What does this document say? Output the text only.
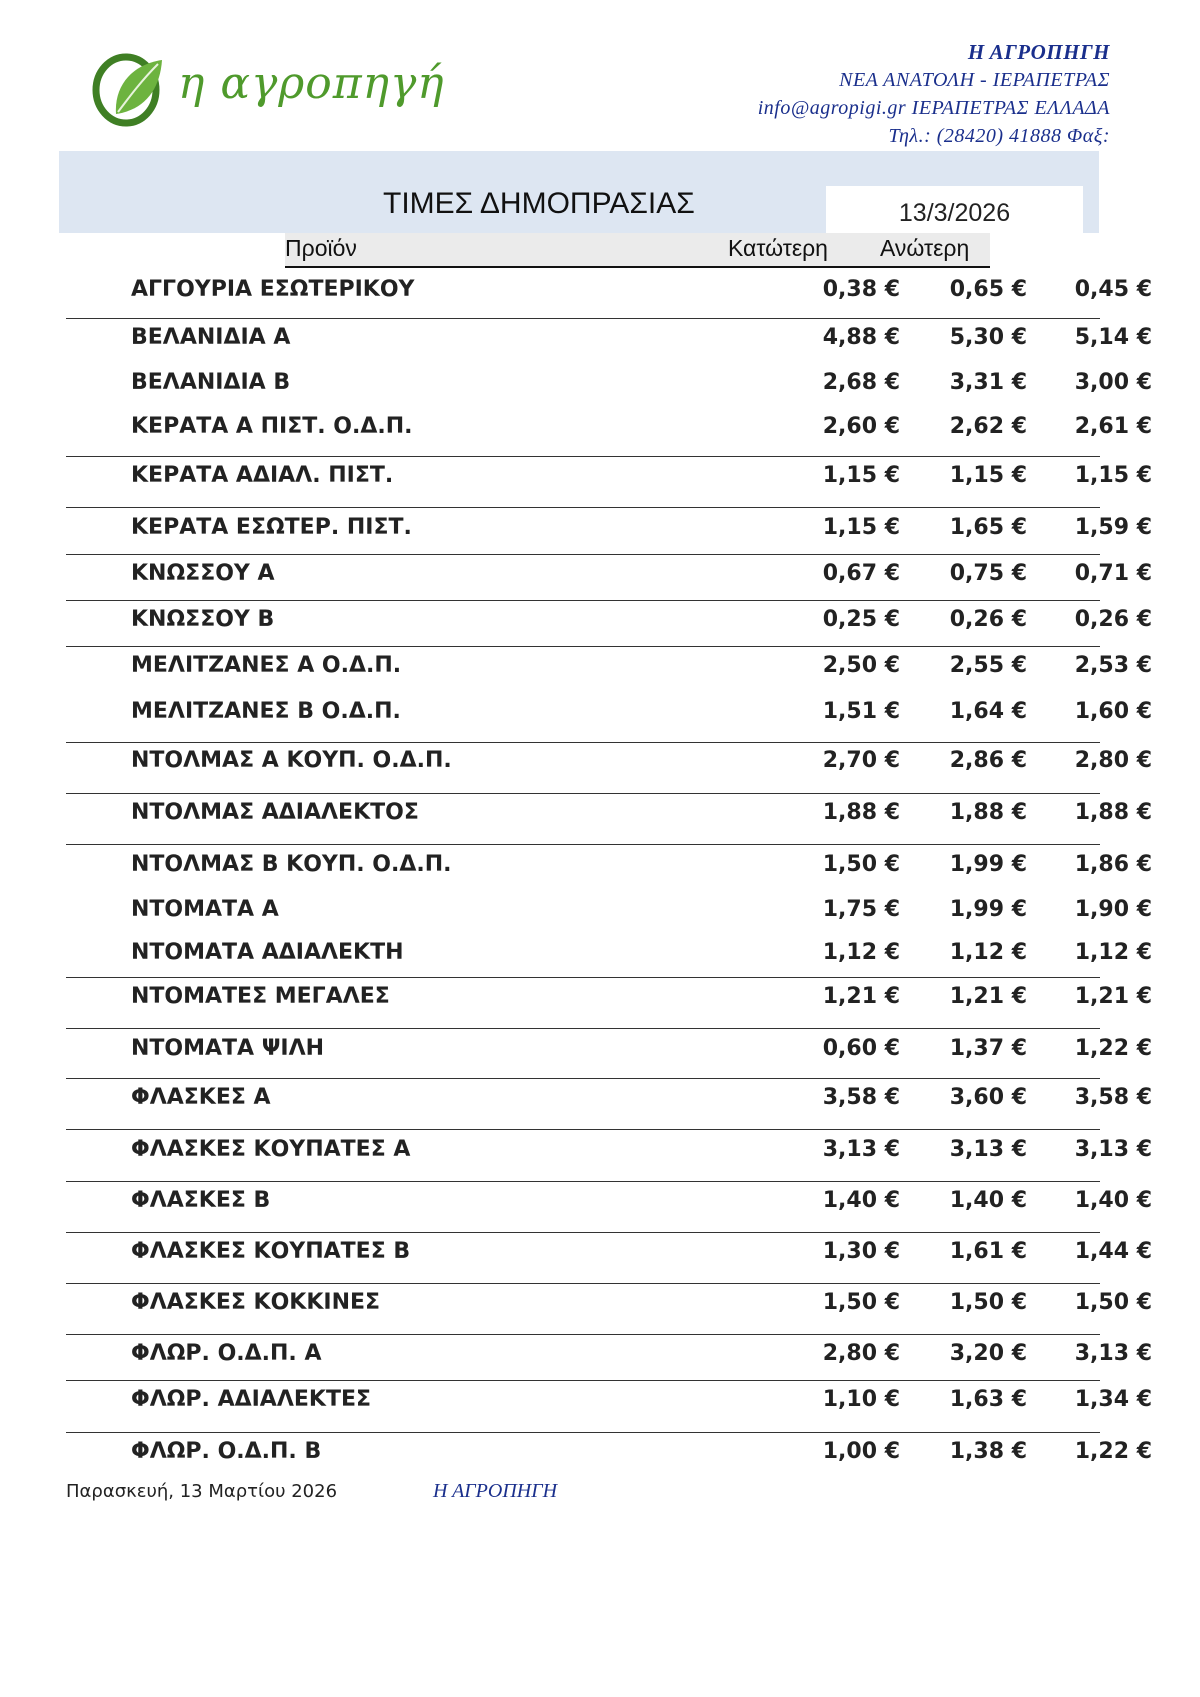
η αγροπηγή
Η ΑΓΡΟΠΗΓΗ
ΝΕΑ ΑΝΑΤΟΛΗ - ΙΕΡΑΠΕΤΡΑΣ
info@agropigi.gr ΙΕΡΑΠΕΤΡΑΣ ΕΛΛΑΔΑ
Τηλ.: (28420) 41888 Φαξ:
ΤΙΜΕΣ ΔΗΜΟΠΡΑΣΙΑΣ	13/3/2026
Προϊόν	Κατώτερη Ανώτερη
ΑΓΓΟΥΡΙΑ ΕΣΩΤΕΡΙΚΟΥ	0,38 € 0,65 € 0,45 €
ΒΕΛΑΝΙΔΙΑ Α	4,88 € 5,30 € 5,14 €
ΒΕΛΑΝΙΔΙΑ Β	2,68 € 3,31 € 3,00 €
ΚΕΡΑΤΑ Α ΠΙΣΤ. Ο.Δ.Π.	2,60 € 2,62 € 2,61 €
ΚΕΡΑΤΑ ΑΔΙΑΛ. ΠΙΣΤ.	1,15 € 1,15 € 1,15 €
ΚΕΡΑΤΑ ΕΣΩΤΕΡ. ΠΙΣΤ.	1,15 € 1,65 € 1,59 €
ΚΝΩΣΣΟΥ Α	0,67 € 0,75 € 0,71 €
ΚΝΩΣΣΟΥ Β	0,25 € 0,26 € 0,26 €
ΜΕΛΙΤΖΑΝΕΣ Α Ο.Δ.Π.	2,50 € 2,55 € 2,53 €
ΜΕΛΙΤΖΑΝΕΣ Β Ο.Δ.Π.	1,51 € 1,64 € 1,60 €
ΝΤΟΛΜΑΣ Α ΚΟΥΠ. Ο.Δ.Π.	2,70 € 2,86 € 2,80 €
ΝΤΟΛΜΑΣ ΑΔΙΑΛΕΚΤΟΣ	1,88 € 1,88 € 1,88 €
ΝΤΟΛΜΑΣ Β ΚΟΥΠ. Ο.Δ.Π.	1,50 € 1,99 € 1,86 €
ΝΤΟΜΑΤΑ Α	1,75 € 1,99 € 1,90 €
ΝΤΟΜΑΤΑ ΑΔΙΑΛΕΚΤΗ	1,12 € 1,12 € 1,12 €
ΝΤΟΜΑΤΕΣ ΜΕΓΑΛΕΣ	1,21 € 1,21 € 1,21 €
ΝΤΟΜΑΤΑ ΨΙΛΗ	0,60 € 1,37 € 1,22 €
ΦΛΑΣΚΕΣ Α	3,58 € 3,60 € 3,58 €
ΦΛΑΣΚΕΣ ΚΟΥΠΑΤΕΣ Α	3,13 € 3,13 € 3,13 €
ΦΛΑΣΚΕΣ Β	1,40 € 1,40 € 1,40 €
ΦΛΑΣΚΕΣ ΚΟΥΠΑΤΕΣ Β	1,30 € 1,61 € 1,44 €
ΦΛΑΣΚΕΣ ΚΟΚΚΙΝΕΣ	1,50 € 1,50 € 1,50 €
ΦΛΩΡ. Ο.Δ.Π. Α	2,80 € 3,20 € 3,13 €
ΦΛΩΡ. ΑΔΙΑΛΕΚΤΕΣ	1,10 € 1,63 € 1,34 €
ΦΛΩΡ. Ο.Δ.Π. Β	1,00 € 1,38 € 1,22 €
Παρασκευή, 13 Μαρτίου 2026	Η ΑΓΡΟΠΗΓΗ
